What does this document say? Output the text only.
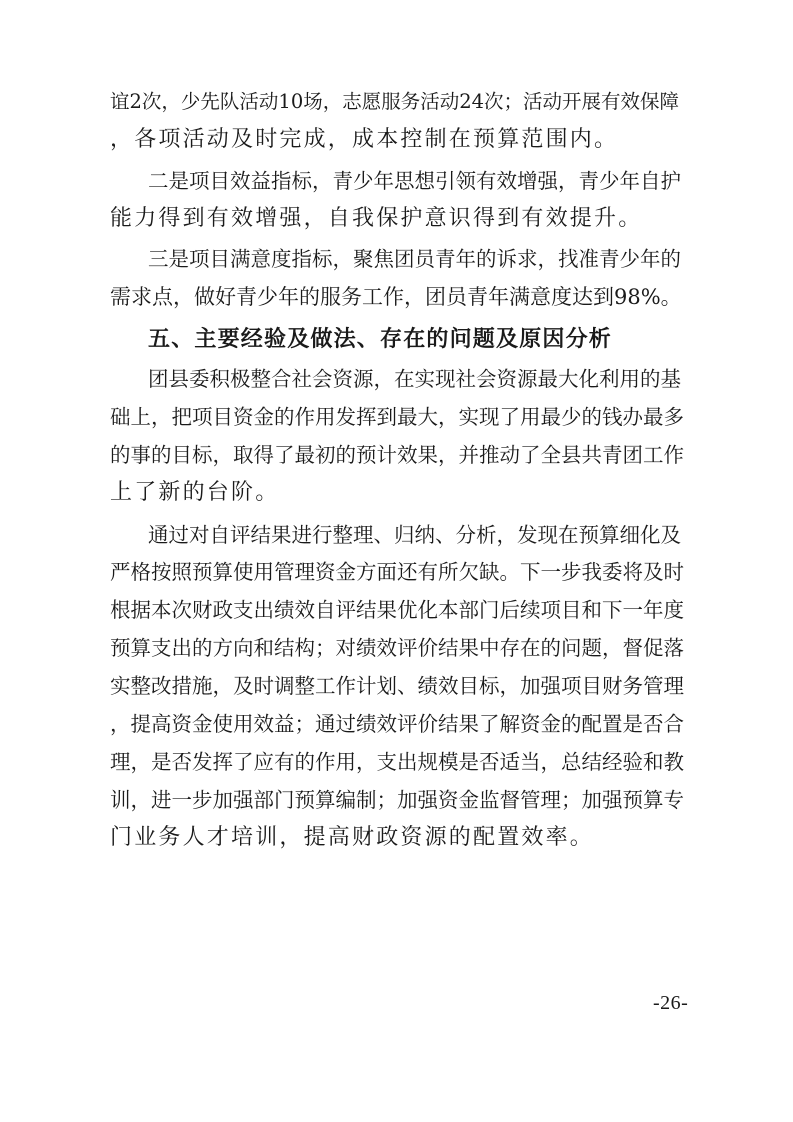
谊2次，少先队活动10场，志愿服务活动24次；活动开展有效保障
，各项活动及时完成，成本控制在预算范围内。
二是项目效益指标，青少年思想引领有效增强，青少年自护
能力得到有效增强，自我保护意识得到有效提升。
三是项目满意度指标，聚焦团员青年的诉求，找准青少年的
需求点，做好青少年的服务工作，团员青年满意度达到98%。
五、主要经验及做法、存在的问题及原因分析
团县委积极整合社会资源，在实现社会资源最大化利用的基
础上，把项目资金的作用发挥到最大，实现了用最少的钱办最多
的事的目标，取得了最初的预计效果，并推动了全县共青团工作
上了新的台阶。
通过对自评结果进行整理、归纳、分析，发现在预算细化及
严格按照预算使用管理资金方面还有所欠缺。下一步我委将及时
根据本次财政支出绩效自评结果优化本部门后续项目和下一年度
预算支出的方向和结构；对绩效评价结果中存在的问题，督促落
实整改措施，及时调整工作计划、绩效目标，加强项目财务管理
，提高资金使用效益；通过绩效评价结果了解资金的配置是否合
理，是否发挥了应有的作用，支出规模是否适当，总结经验和教
训，进一步加强部门预算编制；加强资金监督管理；加强预算专
门业务人才培训，提高财政资源的配置效率。
-26-
